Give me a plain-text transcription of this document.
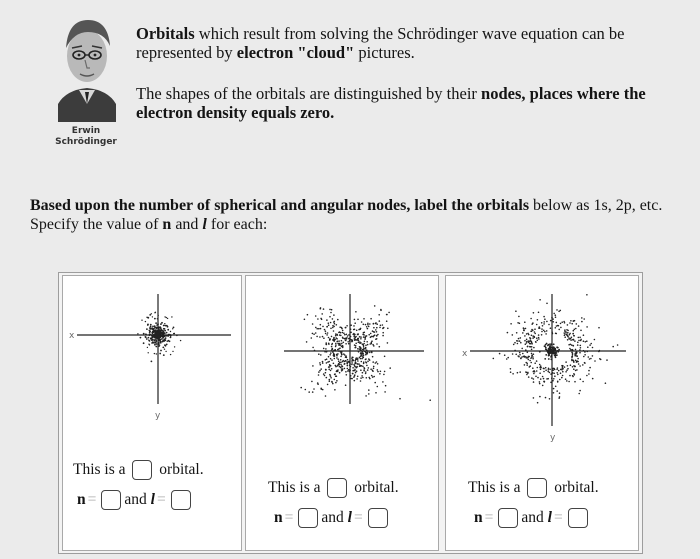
Erwin
Schrödinger

Orbitals which result from solving the Schrödinger wave equation can be represented by electron "cloud" pictures.

The shapes of the orbitals are distinguished by their nodes, places where the electron density equals zero.

Based upon the number of spherical and angular nodes, label the orbitals below as 1s, 2p, etc.

Specify the value of n and l for each:

x
y
This is a orbital.
n = and l =
This is a orbital.
n = and l =
x
y
This is a orbital.
n = and l =
